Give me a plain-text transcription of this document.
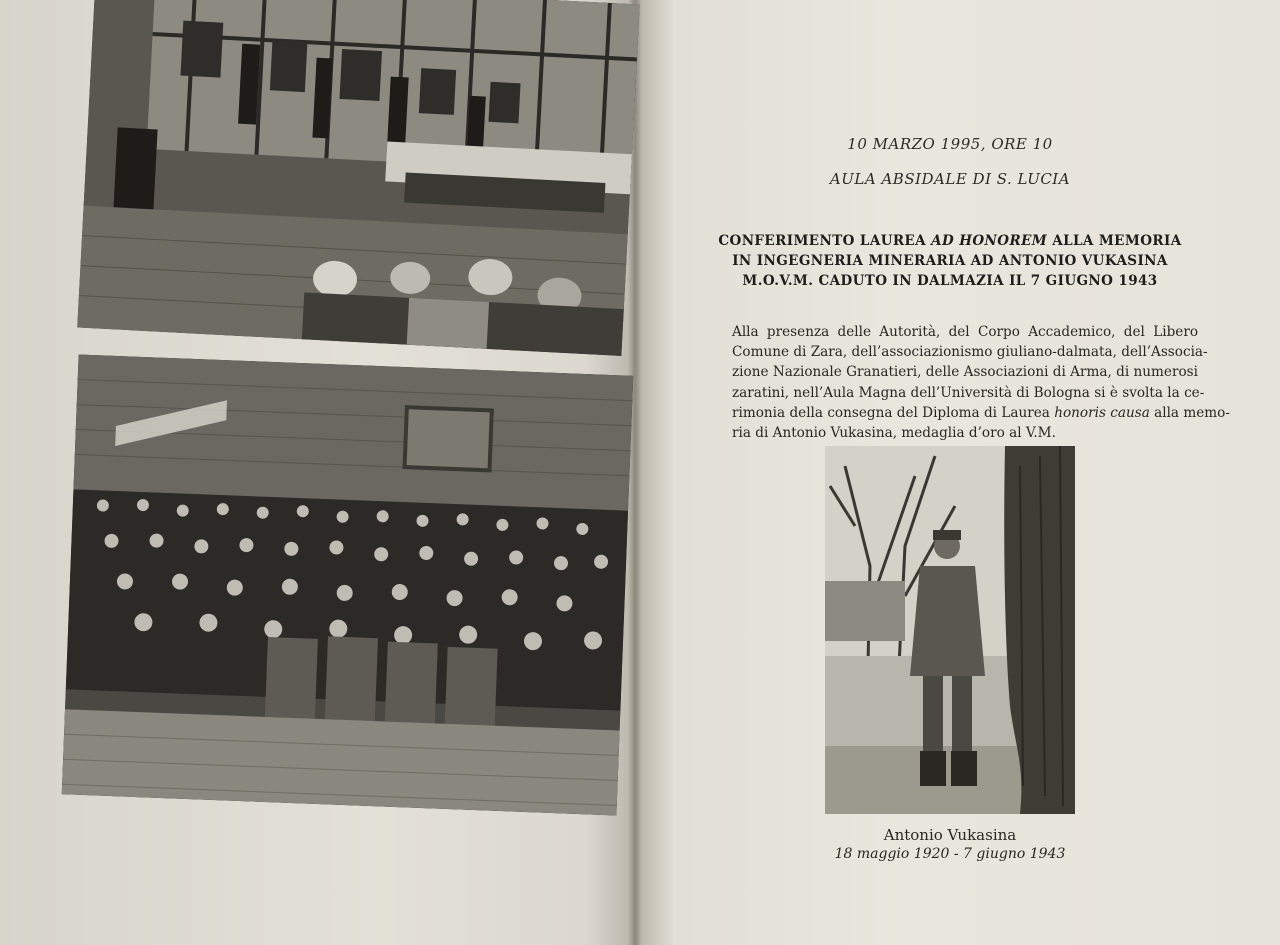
10 MARZO 1995, ORE 10
AULA ABSIDALE DI S. LUCIA
CONFERIMENTO LAUREA AD HONOREM ALLA MEMORIA
IN INGEGNERIA MINERARIA AD ANTONIO VUKASINA
M.O.V.M. CADUTO IN DALMAZIA IL 7 GIUGNO 1943
Alla presenza delle Autorità, del Corpo Accademico, del Libero
Comune di Zara, dell’associazionismo giuliano-dalmata, dell’Associa-
zione Nazionale Granatieri, delle Associazioni di Arma, di numerosi
zaratini, nell’Aula Magna dell’Università di Bologna si è svolta la ce-
rimonia della consegna del Diploma di Laurea honoris causa alla memo-
ria di Antonio Vukasina, medaglia d’oro al V.M.
Antonio Vukasina
18 maggio 1920 - 7 giugno 1943
